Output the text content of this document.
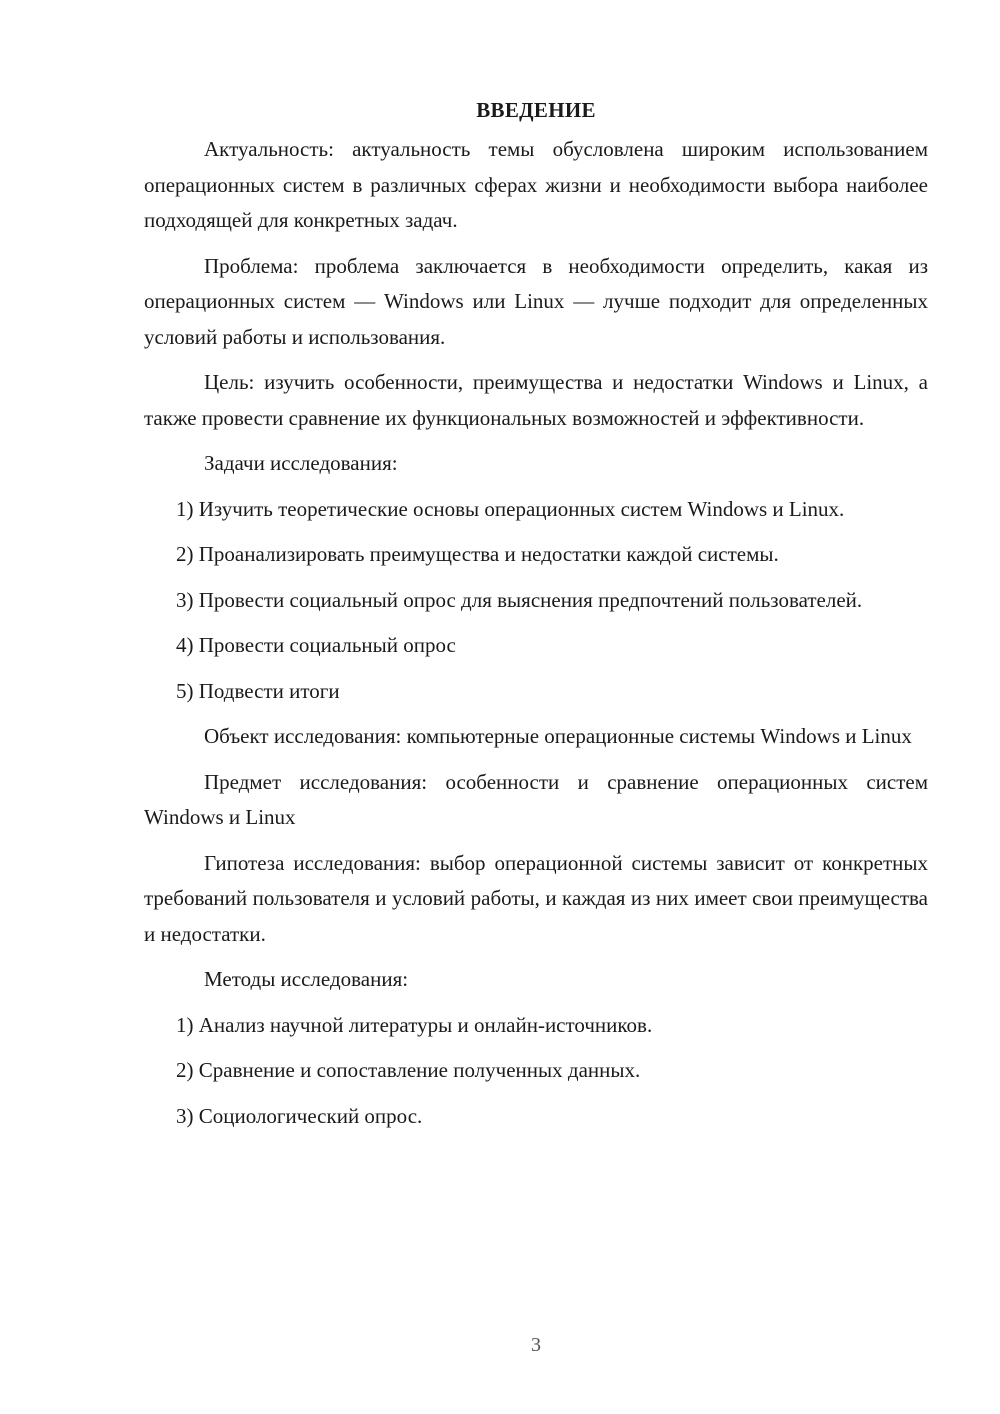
ВВЕДЕНИЕ

Актуальность: актуальность темы обусловлена широким использованием операционных систем в различных сферах жизни и необходимости выбора наиболее подходящей для конкретных задач.

Проблема: проблема заключается в необходимости определить, какая из операционных систем — Windows или Linux — лучше подходит для определенных условий работы и использования.

Цель: изучить особенности, преимущества и недостатки Windows и Linux, а также провести сравнение их функциональных возможностей и эффективности.

Задачи исследования:

1) Изучить теоретические основы операционных систем Windows и Linux.

2) Проанализировать преимущества и недостатки каждой системы.

3) Провести социальный опрос для выяснения предпочтений пользователей.

4) Провести социальный опрос

5) Подвести итоги

Объект исследования: компьютерные операционные системы Windows и Linux

Предмет исследования: особенности и сравнение операционных систем Windows и Linux

Гипотеза исследования: выбор операционной системы зависит от конкретных требований пользователя и условий работы, и каждая из них имеет свои преимущества и недостатки.

Методы исследования:

1) Анализ научной литературы и онлайн-источников.

2) Сравнение и сопоставление полученных данных.

3) Социологический опрос.

3
